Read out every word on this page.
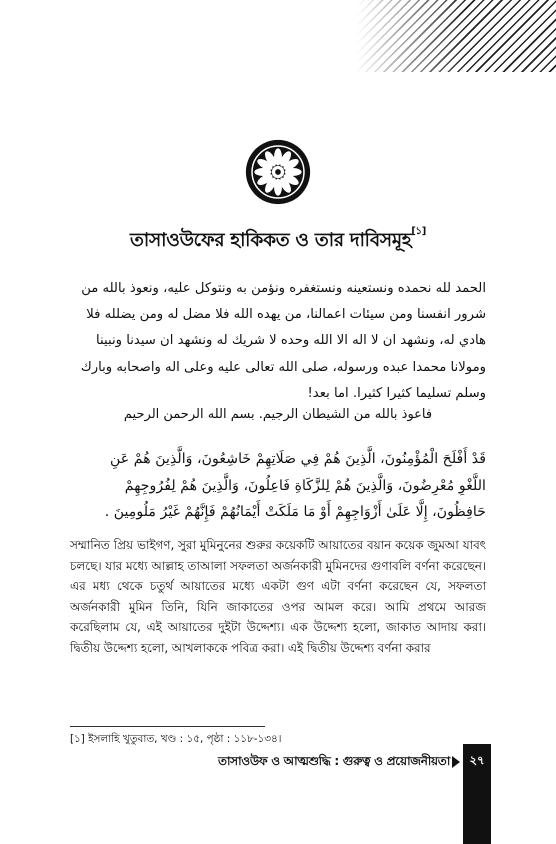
তাসাওউফের হাকিকত ও তার দাবিসমূহ[১]

الحمد لله نحمده ونستعينه ونستغفره ونؤمن به ونتوكل عليه، ونعوذ بالله من

شرور انفسنا ومن سيئات اعمالنا، من يهده الله فلا مضل له ومن يضلله فلا

هادي له، ونشهد ان لا اله الا الله وحده لا شريك له ونشهد ان سيدنا ونبينا

ومولانا محمدا عبده ورسوله، صلى الله تعالى عليه وعلى اله واصحابه وبارك

وسلم تسليما كثيرا كثيرا. اما بعد!

فاعوذ بالله من الشيطان الرجيم. بسم الله الرحمن الرحيم
قَدْ أَفْلَحَ الْمُؤْمِنُونَ، الَّذِينَ هُمْ فِي صَلَاتِهِمْ خَاشِعُونَ، وَالَّذِينَ هُمْ عَنِ
اللَّغْوِ مُعْرِضُونَ، وَالَّذِينَ هُمْ لِلزَّكَاةِ فَاعِلُونَ، وَالَّذِينَ هُمْ لِفُرُوجِهِمْ
حَافِظُونَ، إِلَّا عَلَىٰ أَزْوَاجِهِمْ أَوْ مَا مَلَكَتْ أَيْمَانُهُمْ فَإِنَّهُمْ غَيْرُ مَلُومِينَ .
সম্মানিত প্রিয় ভাইগণ, সুরা মুমিনুনের শুরুর কয়েকটি আয়াতের বয়ান কয়েক জুমআ যাবৎ চলছে। যার মধ্যে আল্লাহ তাআলা সফলতা অর্জনকারী মুমিনদের গুণাবলি বর্ণনা করেছেন। এর মধ্য থেকে চতুর্থ আয়াতের মধ্যে একটা গুণ এটা বর্ণনা করেছেন যে, সফলতা অর্জনকারী মুমিন তিনি, যিনি জাকাতের ওপর আমল করে। আমি প্রথমে আরজ করেছিলাম যে, এই আয়াতের দুইটা উদ্দেশ্য। এক উদ্দেশ্য হলো, জাকাত আদায় করা। দ্বিতীয় উদ্দেশ্য হলো, আখলাককে পবিত্র করা। এই দ্বিতীয় উদ্দেশ্য বর্ণনা করার
[১] ইসলাহি খুতুবাত, খণ্ড : ১৫, পৃষ্ঠা : ১১৮-১৩৪।
তাসাওউফ ও আত্মশুদ্ধি : গুরুত্ব ও প্রয়োজনীয়তা	২৭
